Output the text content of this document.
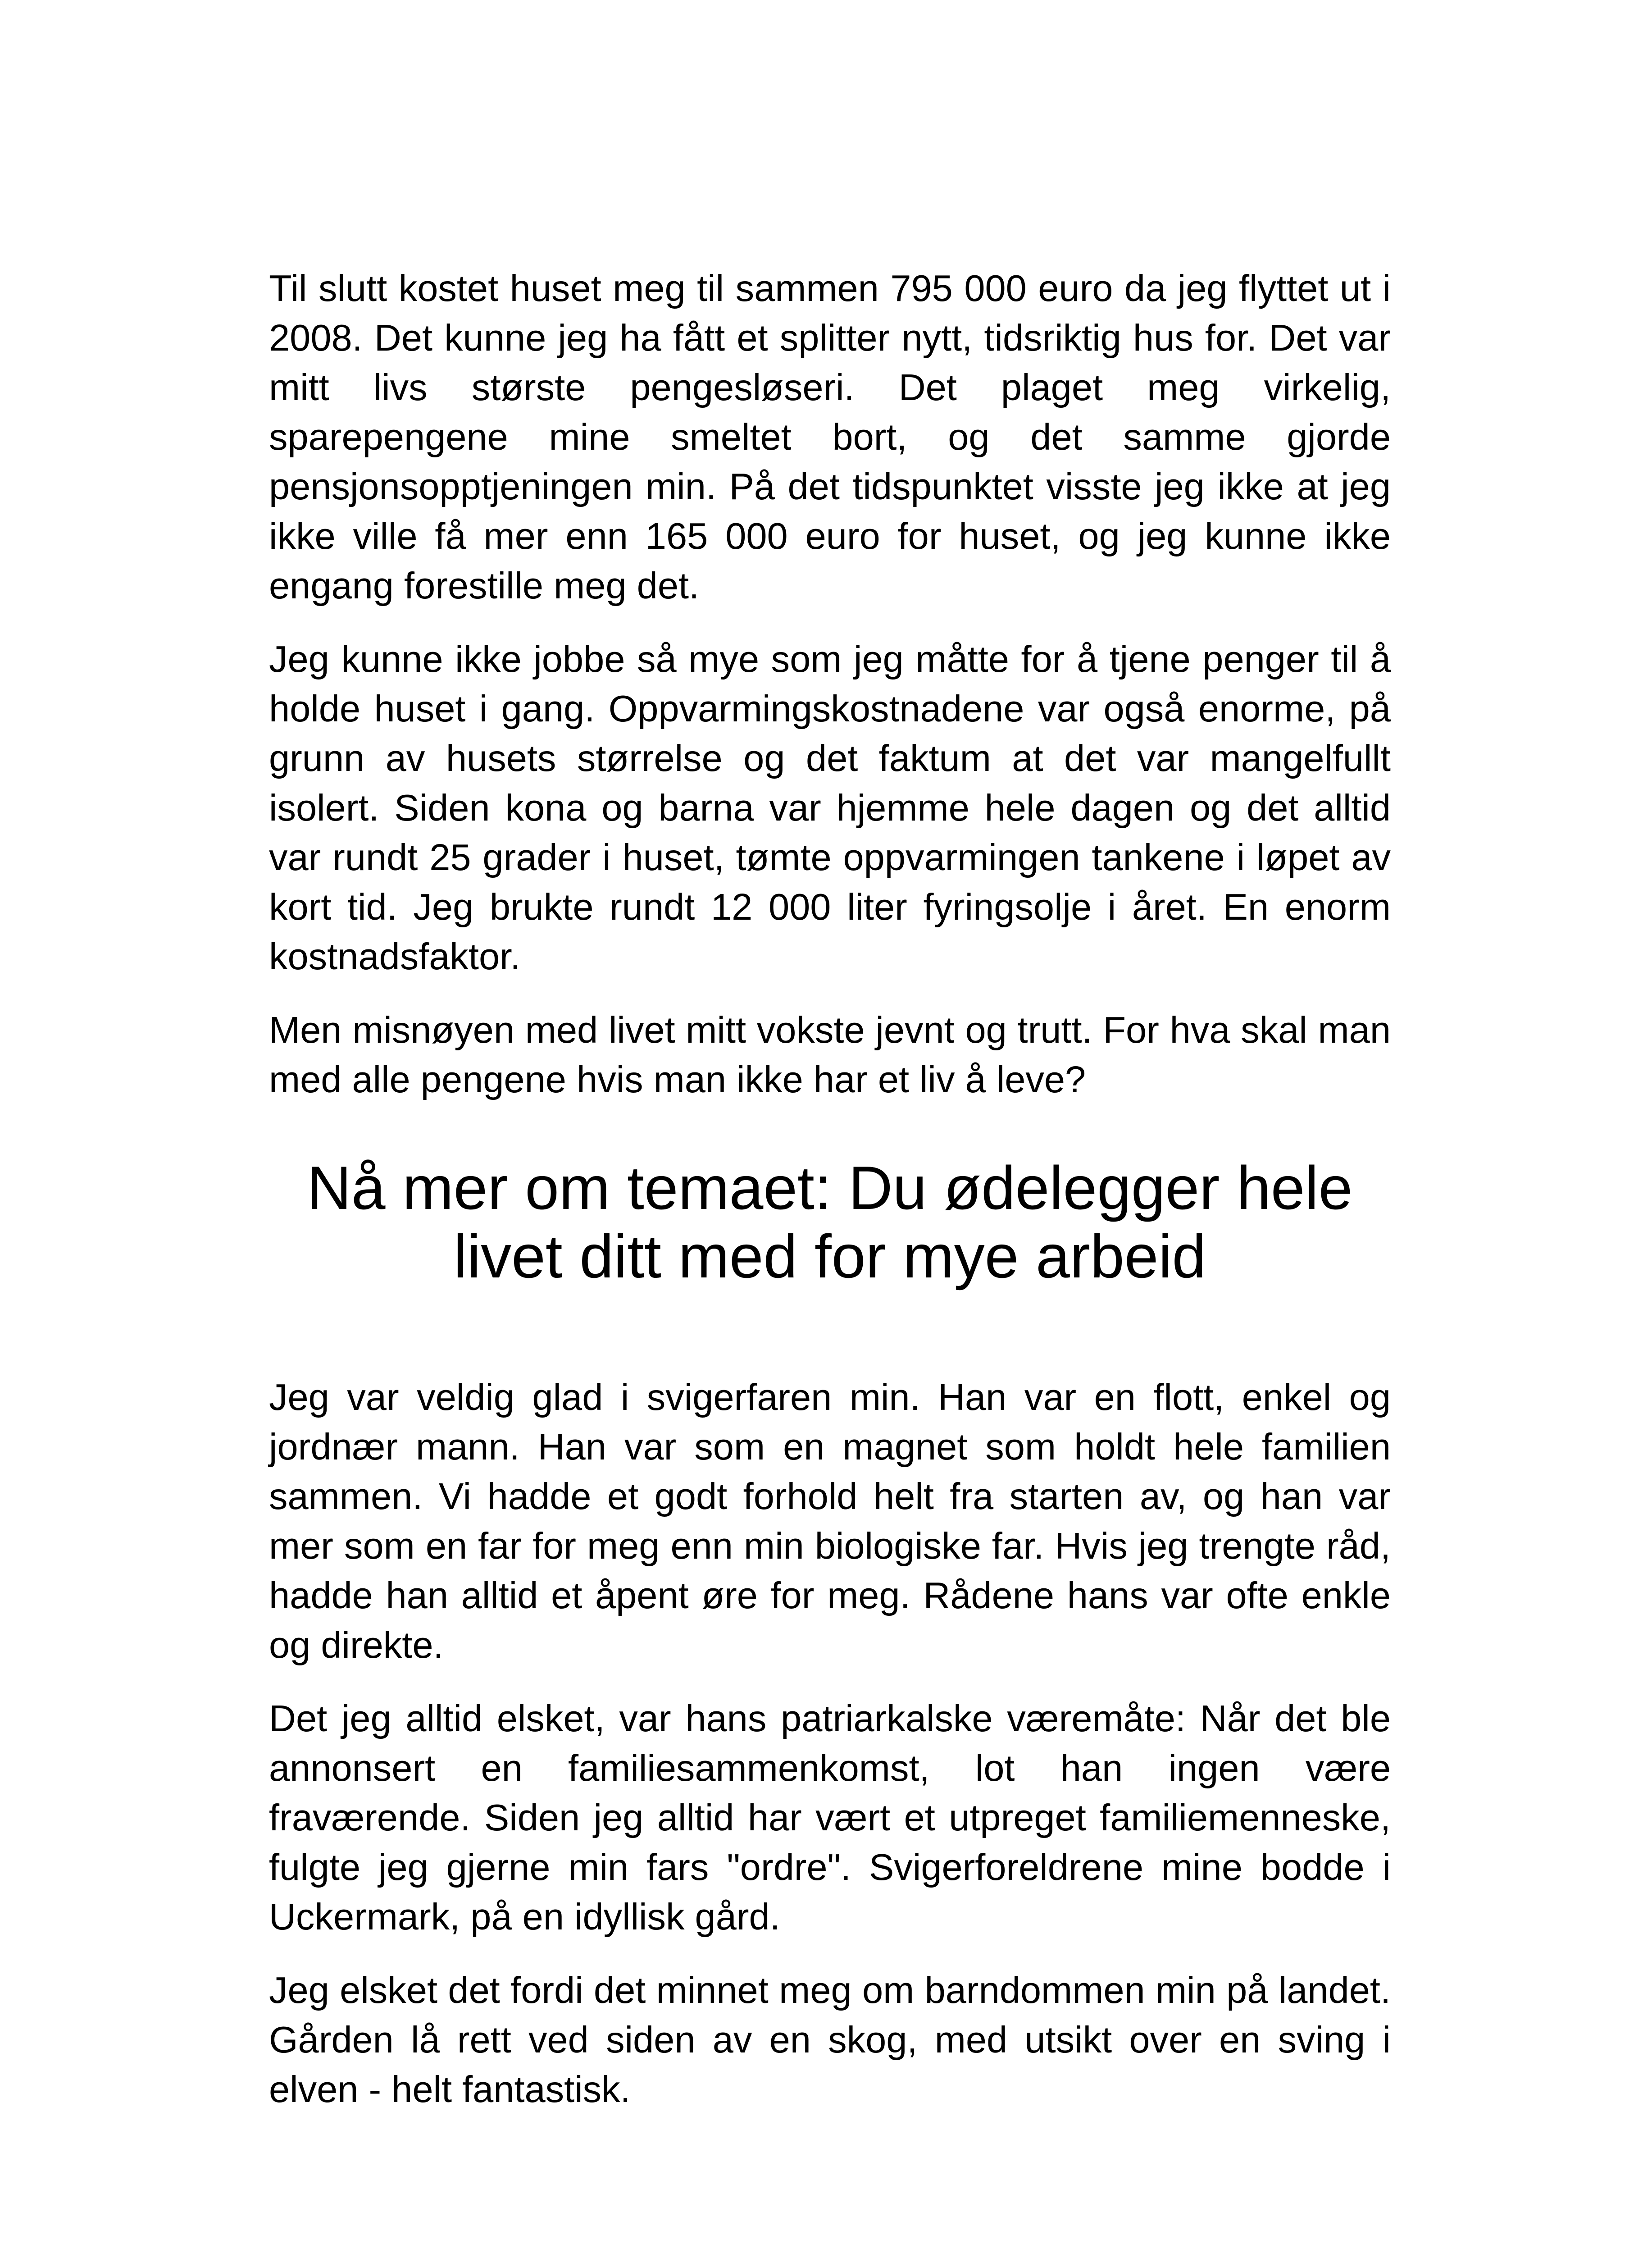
Til slutt kostet huset meg til sammen 795 000 euro da jeg flyttet ut i 2008. Det kunne jeg ha fått et splitter nytt, tidsriktig hus for. Det var mitt livs største pengesløseri. Det plaget meg virkelig, sparepengene mine smeltet bort, og det samme gjorde pensjonsopptjeningen min. På det tidspunktet visste jeg ikke at jeg ikke ville få mer enn 165 000 euro for huset, og jeg kunne ikke engang forestille meg det.

Jeg kunne ikke jobbe så mye som jeg måtte for å tjene penger til å holde huset i gang. Oppvarmingskostnadene var også enorme, på grunn av husets størrelse og det faktum at det var mangelfullt isolert. Siden kona og barna var hjemme hele dagen og det alltid var rundt 25 grader i huset, tømte oppvarmingen tankene i løpet av kort tid. Jeg brukte rundt 12 000 liter fyringsolje i året. En enorm kostnadsfaktor.

Men misnøyen med livet mitt vokste jevnt og trutt. For hva skal man med alle pengene hvis man ikke har et liv å leve?

Nå mer om temaet: Du ødelegger hele
livet ditt med for mye arbeid

Jeg var veldig glad i svigerfaren min. Han var en flott, enkel og jordnær mann. Han var som en magnet som holdt hele familien sammen. Vi hadde et godt forhold helt fra starten av, og han var mer som en far for meg enn min biologiske far. Hvis jeg trengte råd, hadde han alltid et åpent øre for meg. Rådene hans var ofte enkle og direkte.

Det jeg alltid elsket, var hans patriarkalske væremåte: Når det ble annonsert en familiesammenkomst, lot han ingen være fraværende. Siden jeg alltid har vært et utpreget familiemenneske, fulgte jeg gjerne min fars "ordre". Svigerforeldrene mine bodde i Uckermark, på en idyllisk gård.

Jeg elsket det fordi det minnet meg om barndommen min på landet. Gården lå rett ved siden av en skog, med utsikt over en sving i elven - helt fantastisk.
